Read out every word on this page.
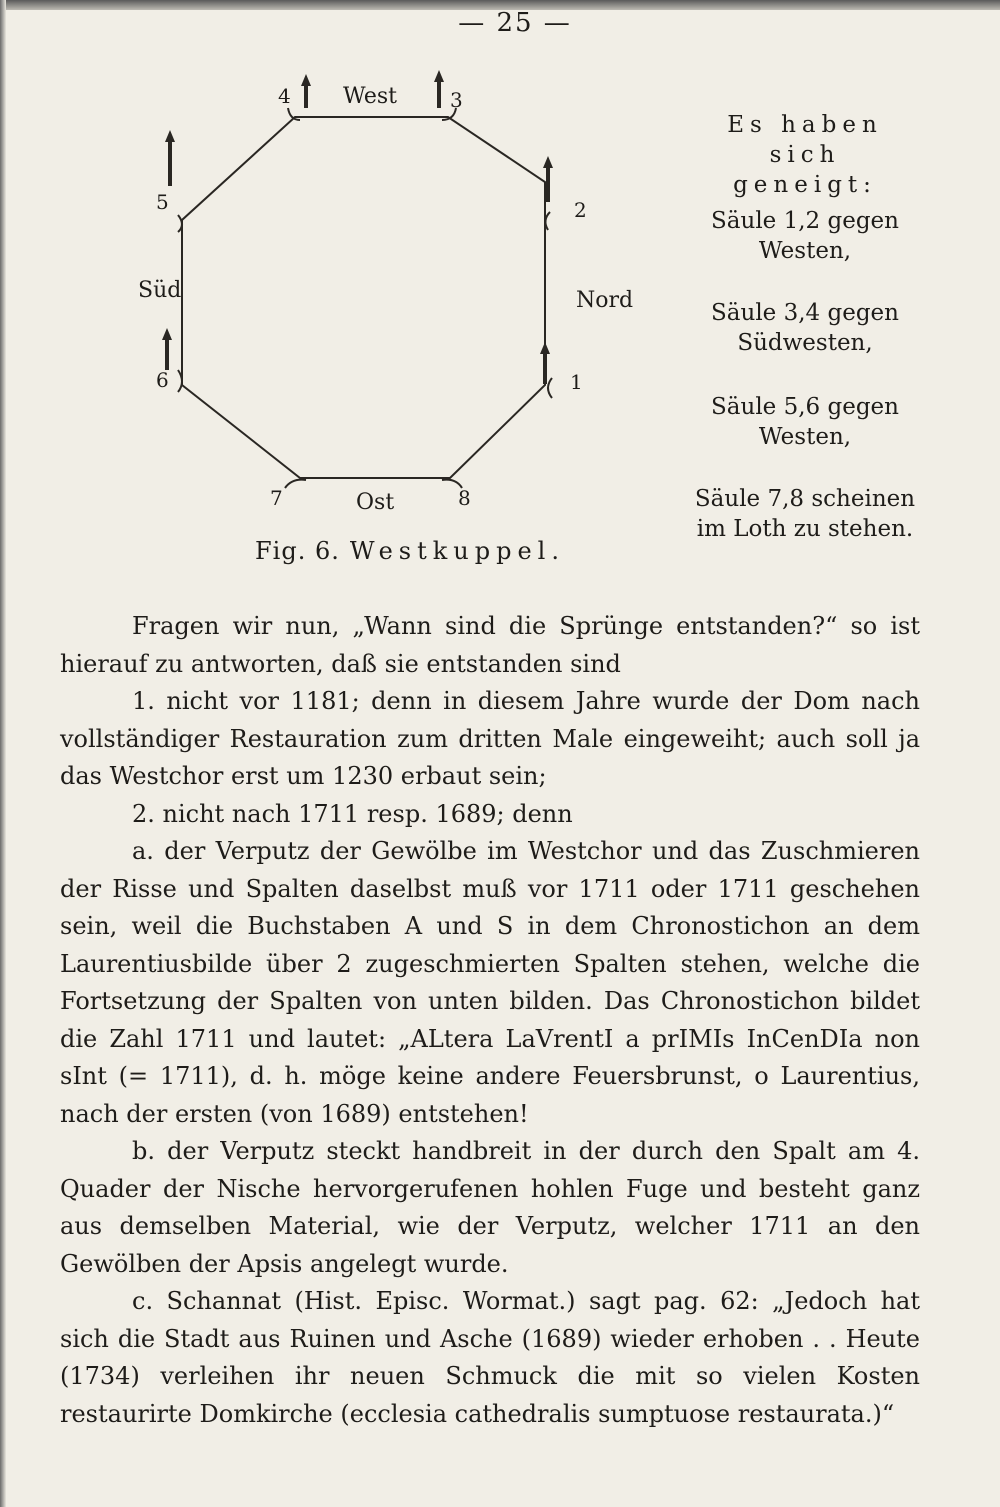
— 25 —
4 West	3
2
Nord
1
5
Süd
6
7	Ost	8
Fig. 6. Westkuppel.

Es haben sich

geneigt:

Säule 1,2 gegen

Westen,

Säule 3,4 gegen

Südwesten,

Säule 5,6 gegen

Westen,

Säule 7,8 scheinen

im Loth zu stehen.

Fragen wir nun, „Wann sind die Sprünge entstanden?“ so ist hierauf zu antworten, daß sie entstanden sind

1. nicht vor 1181; denn in diesem Jahre wurde der Dom nach vollständiger Restauration zum dritten Male eingeweiht; auch soll ja das Westchor erst um 1230 erbaut sein;

2. nicht nach 1711 resp. 1689; denn

a. der Verputz der Gewölbe im Westchor und das Zuschmieren der Risse und Spalten daselbst muß vor 1711 oder 1711 geschehen sein, weil die Buchstaben A und S in dem Chronostichon an dem Laurentiusbilde über 2 zugeschmierten Spalten stehen, welche die Fortsetzung der Spalten von unten bilden. Das Chronostichon bildet die Zahl 1711 und lautet: „ALtera LaVrentI a prIMIs InCenDIa non sInt (= 1711), d. h. möge keine andere Feuersbrunst, o Laurentius, nach der ersten (von 1689) entstehen!

b. der Verputz steckt handbreit in der durch den Spalt am 4. Quader der Nische hervorgerufenen hohlen Fuge und besteht ganz aus demselben Material, wie der Verputz, welcher 1711 an den Gewölben der Apsis angelegt wurde.

c. Schannat (Hist. Episc. Wormat.) sagt pag. 62: „Jedoch hat sich die Stadt aus Ruinen und Asche (1689) wieder erhoben . . Heute (1734) verleihen ihr neuen Schmuck die mit so vielen Kosten restaurirte Domkirche (ecclesia cathedralis sumptuose restaurata.)“
